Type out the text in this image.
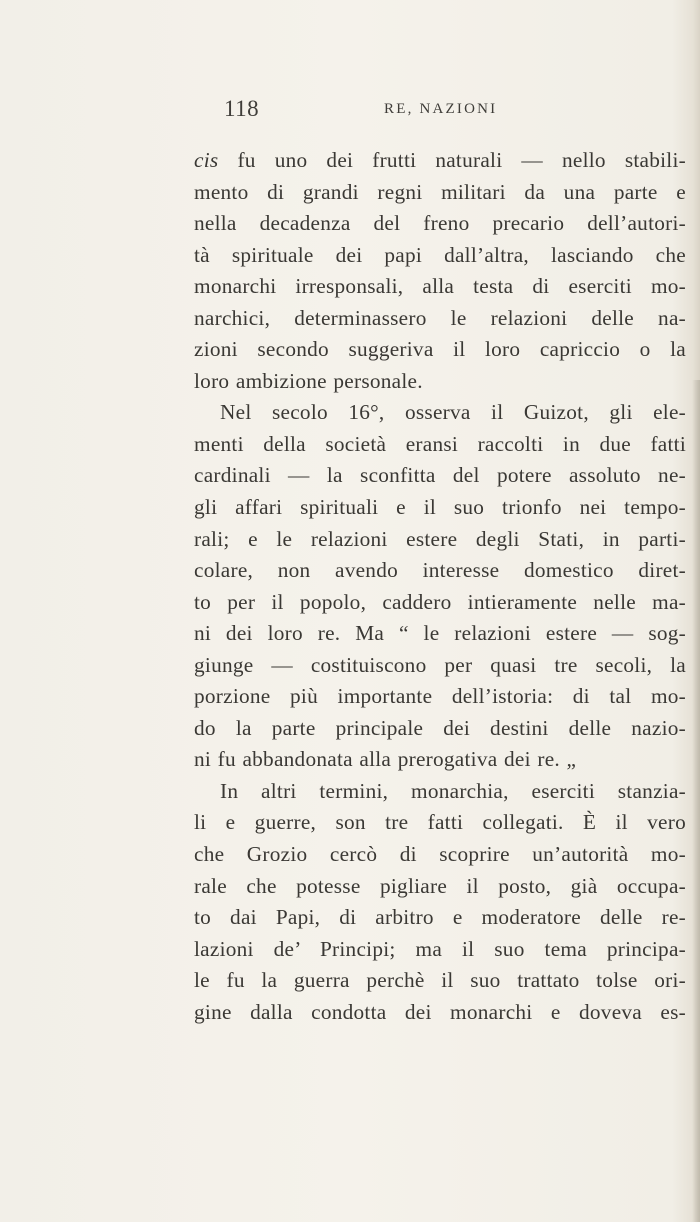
118	RE, NAZIONI
cis fu uno dei frutti naturali — nello stabili-
mento di grandi regni militari da una parte e
nella decadenza del freno precario dell’autori-
tà spirituale dei papi dall’altra, lasciando che
monarchi irresponsali, alla testa di eserciti mo-
narchici, determinassero le relazioni delle na-
zioni secondo suggeriva il loro capriccio o la
loro ambizione personale.
Nel secolo 16°, osserva il Guizot, gli ele-
menti della società eransi raccolti in due fatti
cardinali — la sconfitta del potere assoluto ne-
gli affari spirituali e il suo trionfo nei tempo-
rali; e le relazioni estere degli Stati, in parti-
colare, non avendo interesse domestico diret-
to per il popolo, caddero intieramente nelle ma-
ni dei loro re. Ma “ le relazioni estere — sog-
giunge — costituiscono per quasi tre secoli, la
porzione più importante dell’istoria: di tal mo-
do la parte principale dei destini delle nazio-
ni fu abbandonata alla prerogativa dei re. „
In altri termini, monarchia, eserciti stanzia-
li e guerre, son tre fatti collegati. È il vero
che Grozio cercò di scoprire un’autorità mo-
rale che potesse pigliare il posto, già occupa-
to dai Papi, di arbitro e moderatore delle re-
lazioni de’ Principi; ma il suo tema principa-
le fu la guerra perchè il suo trattato tolse ori-
gine dalla condotta dei monarchi e doveva es-
